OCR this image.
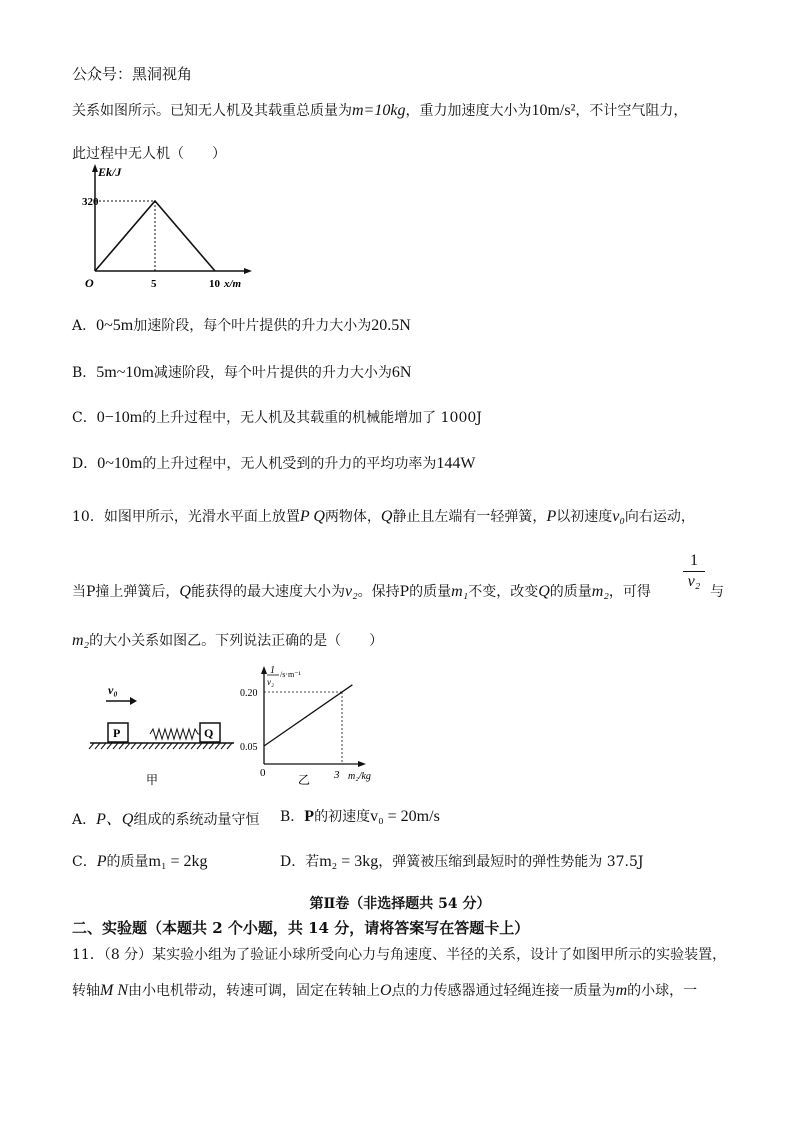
公众号：黑洞视角
关系如图所示。已知无人机及其载重总质量为m=10kg，重力加速度大小为10m/s²，不计空气阻力，
此过程中无人机（　　）
Ek/J
320
O	5	10 x/m
A．0~5m加速阶段，每个叶片提供的升力大小为20.5N
B．5m~10m减速阶段，每个叶片提供的升力大小为6N
C．0−10m的上升过程中，无人机及其载重的机械能增加了 1000J
D．0~10m的上升过程中，无人机受到的升力的平均功率为144W
10．如图甲所示，光滑水平面上放置P Q两物体，Q静止且左端有一轻弹簧，P以初速度v₀向右运动，
当P撞上弹簧后，Q能获得的最大速度大小为v₂。保持P的质量m₁不变，改变Q的质量m₂，可得
1
v₂
与
m₂的大小关系如图乙。下列说法正确的是（　　）
v₀
P	Q
甲
1
v₂
/s·m⁻¹
0.20
0.05
3
0	乙	m₂/kg
A．P、Q组成的系统动量守恒 B．P的初速度v₀ = 20m/s
C．P的质量m₁ = 2kg	D．若m₂ = 3kg，弹簧被压缩到最短时的弹性势能为 37.5J
第Ⅱ卷（非选择题共 54 分）
二、实验题（本题共 2 个小题，共 14 分，请将答案写在答题卡上）
11．（8 分）某实验小组为了验证小球所受向心力与角速度、半径的关系，设计了如图甲所示的实验装置，
转轴M N由小电机带动，转速可调，固定在转轴上O点的力传感器通过轻绳连接一质量为m的小球，一
